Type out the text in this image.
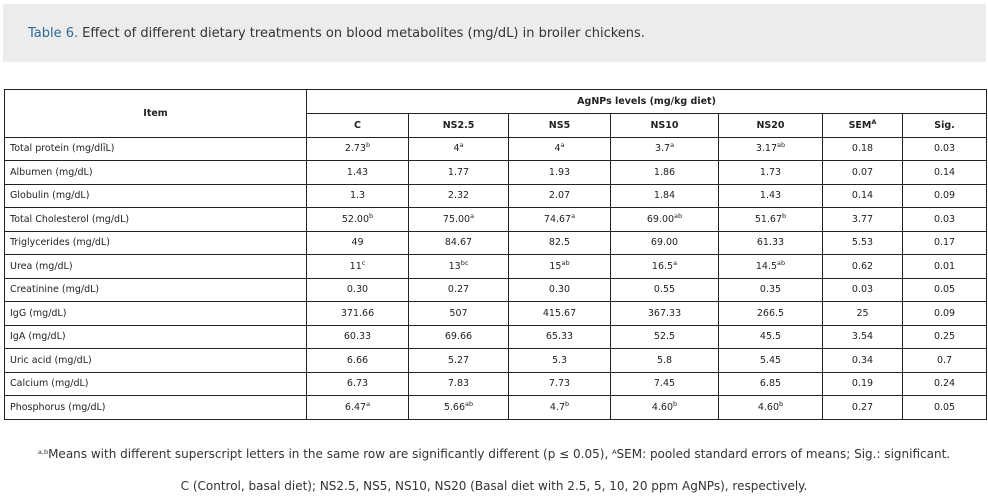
Table 6. Effect of different dietary treatments on blood metabolites (mg/dL) in broiler chickens.
Item	AgNPs levels (mg/kg diet)						
	C	NS2.5	NS5	NS10	NS20	$SEM^A$	Sig.
Total protein (mg/dlīL)	2.73$^b$	4$^a$	4$^a$	3.7$^a$	3.17$^{ab}$	0.18	0.03
Albumen (mg/dL)	1.43	1.77	1.93	1.86	1.73	0.07	0.14
Globulin (mg/dL)	1.3	2.32	2.07	1.84	1.43	0.14	0.09
Total Cholesterol (mg/dL)	52.00$^b$	75.00$^a$	74.67$^a$	69.00$^{ab}$	51.67$^b$	3.77	0.03
Triglycerides (mg/dL)	49	84.67	82.5	69.00	61.33	5.53	0.17
Urea (mg/dL)	11$^c$	$13^{bc}$	$15^{ab}$	16.5$^a$	14.5$^{ab}$	0.62	0.01
Creatinine (mg/dL)	0.30	0.27	0.30	0.55	0.35	0.03	0.05
IgG (mg/dL)	371.66	507	415.67	367.33	266.5	25	0.09
IgA (mg/dL)	60.33	69.66	65.33	52.5	45.5	3.54	0.25
Uric acid (mg/dL)	6.66	5.27	5.3	5.8	5.45	0.34	0.7
Calcium (mg/dL)	6.73	7.83	7.73	7.45	6.85	0.19	0.24
Phosphorus (mg/dL)	6.47$^a$	5.66$^{ab}$	4.7$^b$	4.60$^b$	4.60$^b$	0.27	0.05
$^{a,b}$Means with different superscript letters in the same row are significantly different (p ≤ 0.05), $^A$SEM: pooled standard errors of means; Sig.: significant.
C (Control, basal diet); NS2.5, NS5, NS10, NS20 (Basal diet with 2.5, 5, 10, 20 ppm AgNPs), respectively.
